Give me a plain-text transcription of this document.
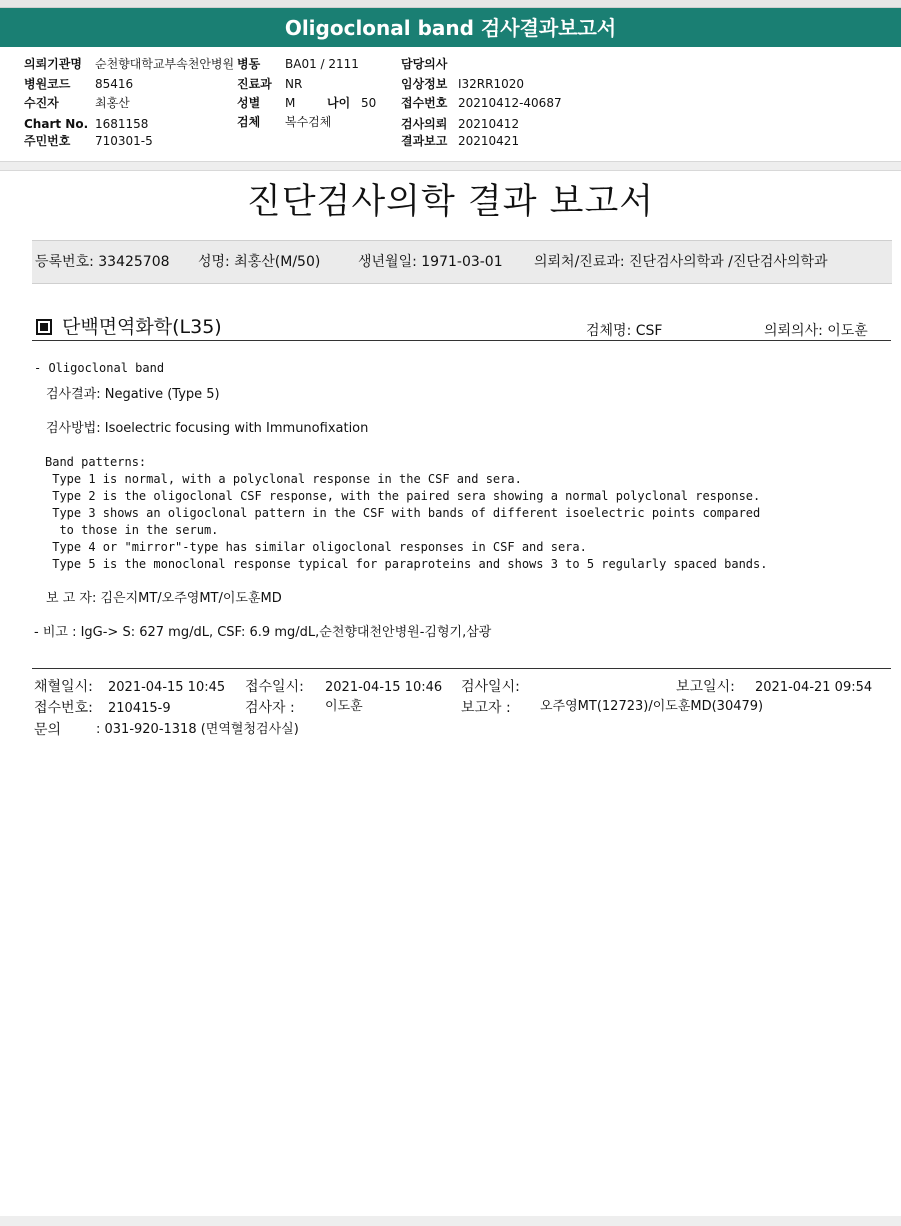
Oligoclonal band 검사결과보고서
의뢰기관명 순천향대학교부속천안병원 병동 BA01 / 2111	담당의사
병원코드 85416	진료과 NR	임상정보 I32RR1020
수진자	최홍산	성별 M	나이 50 접수번호 20210412-40687
Chart No. 1681158	검체 복수검체	검사의뢰 20210412
주민번호 710301-5	결과보고 20210421
진단검사의학 결과 보고서
등록번호: 33425708 성명: 최홍산(M/50)	생년월일: 1971-03-01 의뢰처/진료과: 진단검사의학과 /진단검사의학과
단백면역화학(L35)	검체명: CSF	의뢰의사: 이도훈
- Oligoclonal band
검사결과: Negative (Type 5)
검사방법: Isoelectric focusing with Immunofixation
Band patterns:
Type 1 is normal, with a polyclonal response in the CSF and sera.
Type 2 is the oligoclonal CSF response, with the paired sera showing a normal polyclonal response.
Type 3 shows an oligoclonal pattern in the CSF with bands of different isoelectric points compared
to those in the serum.
Type 4 or "mirror"-type has similar oligoclonal responses in CSF and sera.
Type 5 is the monoclonal response typical for paraproteins and shows 3 to 5 regularly spaced bands.
보 고 자: 김은지MT/오주영MT/이도훈MD
- 비고 : IgG-> S: 627 mg/dL, CSF: 6.9 mg/dL,순천향대천안병원-김형기,삼광
채혈일시: 2021-04-15 10:45 접수일시: 2021-04-15 10:46 검사일시:	보고일시: 2021-04-21 09:54
접수번호: 210415-9	검사자 : 이도훈	보고자 : 오주영MT(12723)/이도훈MD(30479)
문의	: 031-920-1318 (면역혈청검사실)
